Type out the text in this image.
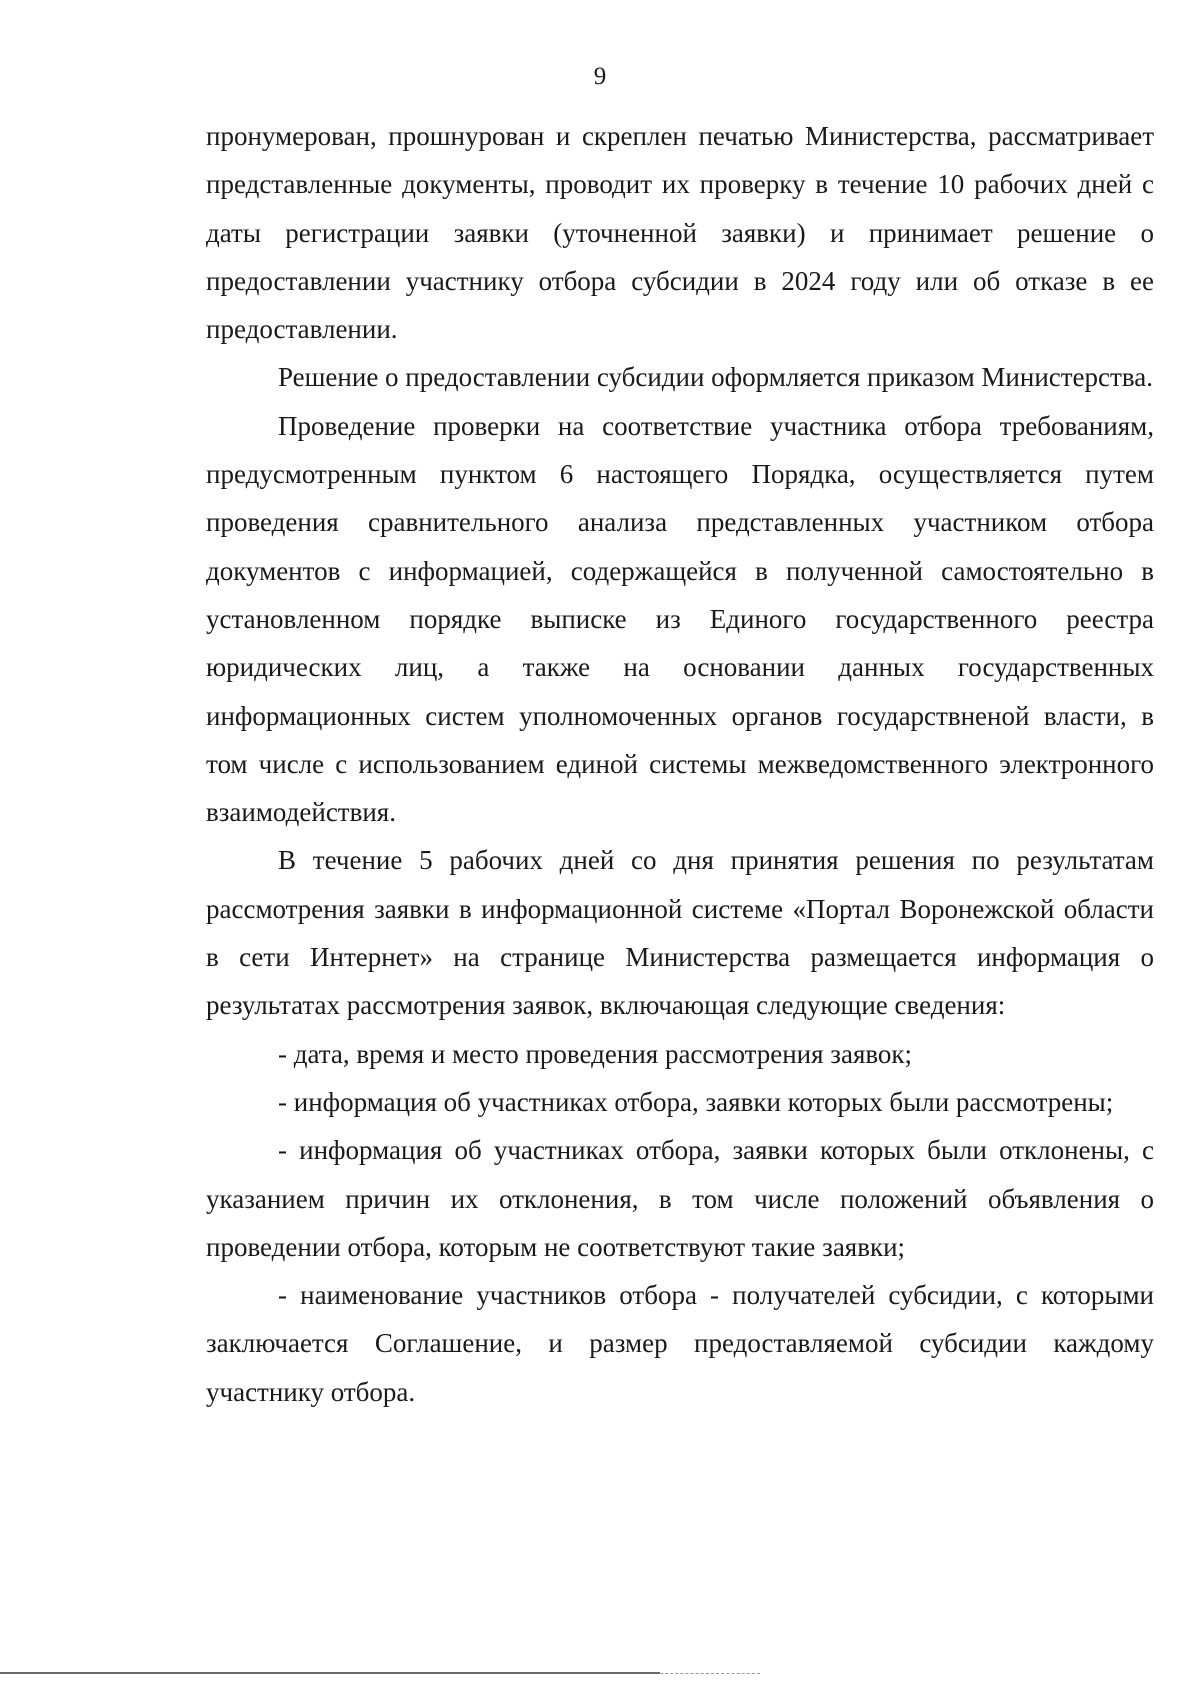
9

пронумерован, прошнурован и скреплен печатью Министерства, рассматривает представленные документы, проводит их проверку в течение 10 рабочих дней с даты регистрации заявки (уточненной заявки) и принимает решение о предоставлении участнику отбора субсидии в 2024 году или об отказе в ее предоставлении.

Решение о предоставлении субсидии оформляется приказом Министерства.

Проведение проверки на соответствие участника отбора требованиям, предусмотренным пунктом 6 настоящего Порядка, осуществляется путем проведения сравнительного анализа представленных участником отбора документов с информацией, содержащейся в полученной самостоятельно в установленном порядке выписке из Единого государственного реестра юридических лиц, а также на основании данных государственных информационных систем уполномоченных органов государствненой власти, в том числе с использованием единой системы межведомственного электронного взаимодействия.

В течение 5 рабочих дней со дня принятия решения по результатам рассмотрения заявки в информационной системе «Портал Воронежской области в сети Интернет» на странице Министерства размещается информация о результатах рассмотрения заявок, включающая следующие сведения:

- дата, время и место проведения рассмотрения заявок;

- информация об участниках отбора, заявки которых были рассмотрены;

- информация об участниках отбора, заявки которых были отклонены, с указанием причин их отклонения, в том числе положений объявления о проведении отбора, которым не соответствуют такие заявки;

- наименование участников отбора - получателей субсидии, с которыми заключается Соглашение, и размер предоставляемой субсидии каждому участнику отбора.
